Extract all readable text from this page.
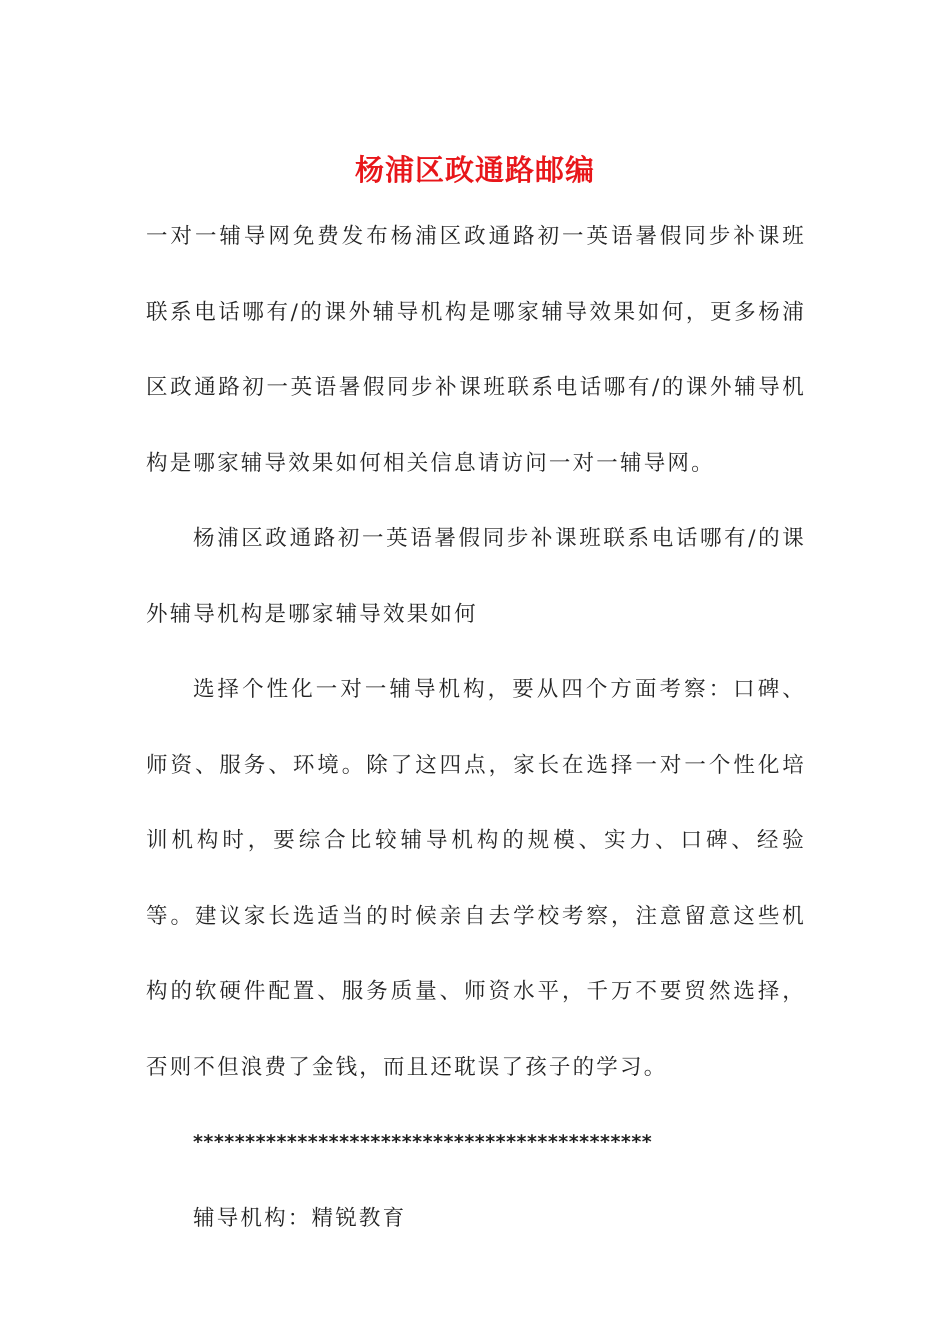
杨浦区政通路邮编

一对一辅导网免费发布杨浦区政通路初一英语暑假同步补课班联系电话哪有/的课外辅导机构是哪家辅导效果如何，更多杨浦区政通路初一英语暑假同步补课班联系电话哪有/的课外辅导机构是哪家辅导效果如何相关信息请访问一对一辅导网。

杨浦区政通路初一英语暑假同步补课班联系电话哪有/的课外辅导机构是哪家辅导效果如何

选择个性化一对一辅导机构，要从四个方面考察：口碑、师资、服务、环境。除了这四点，家长在选择一对一个性化培训机构时，要综合比较辅导机构的规模、实力、口碑、经验等。建议家长选适当的时候亲自去学校考察，注意留意这些机构的软硬件配置、服务质量、师资水平，千万不要贸然选择，否则不但浪费了金钱，而且还耽误了孩子的学习。

********************************************

辅导机构：精锐教育
